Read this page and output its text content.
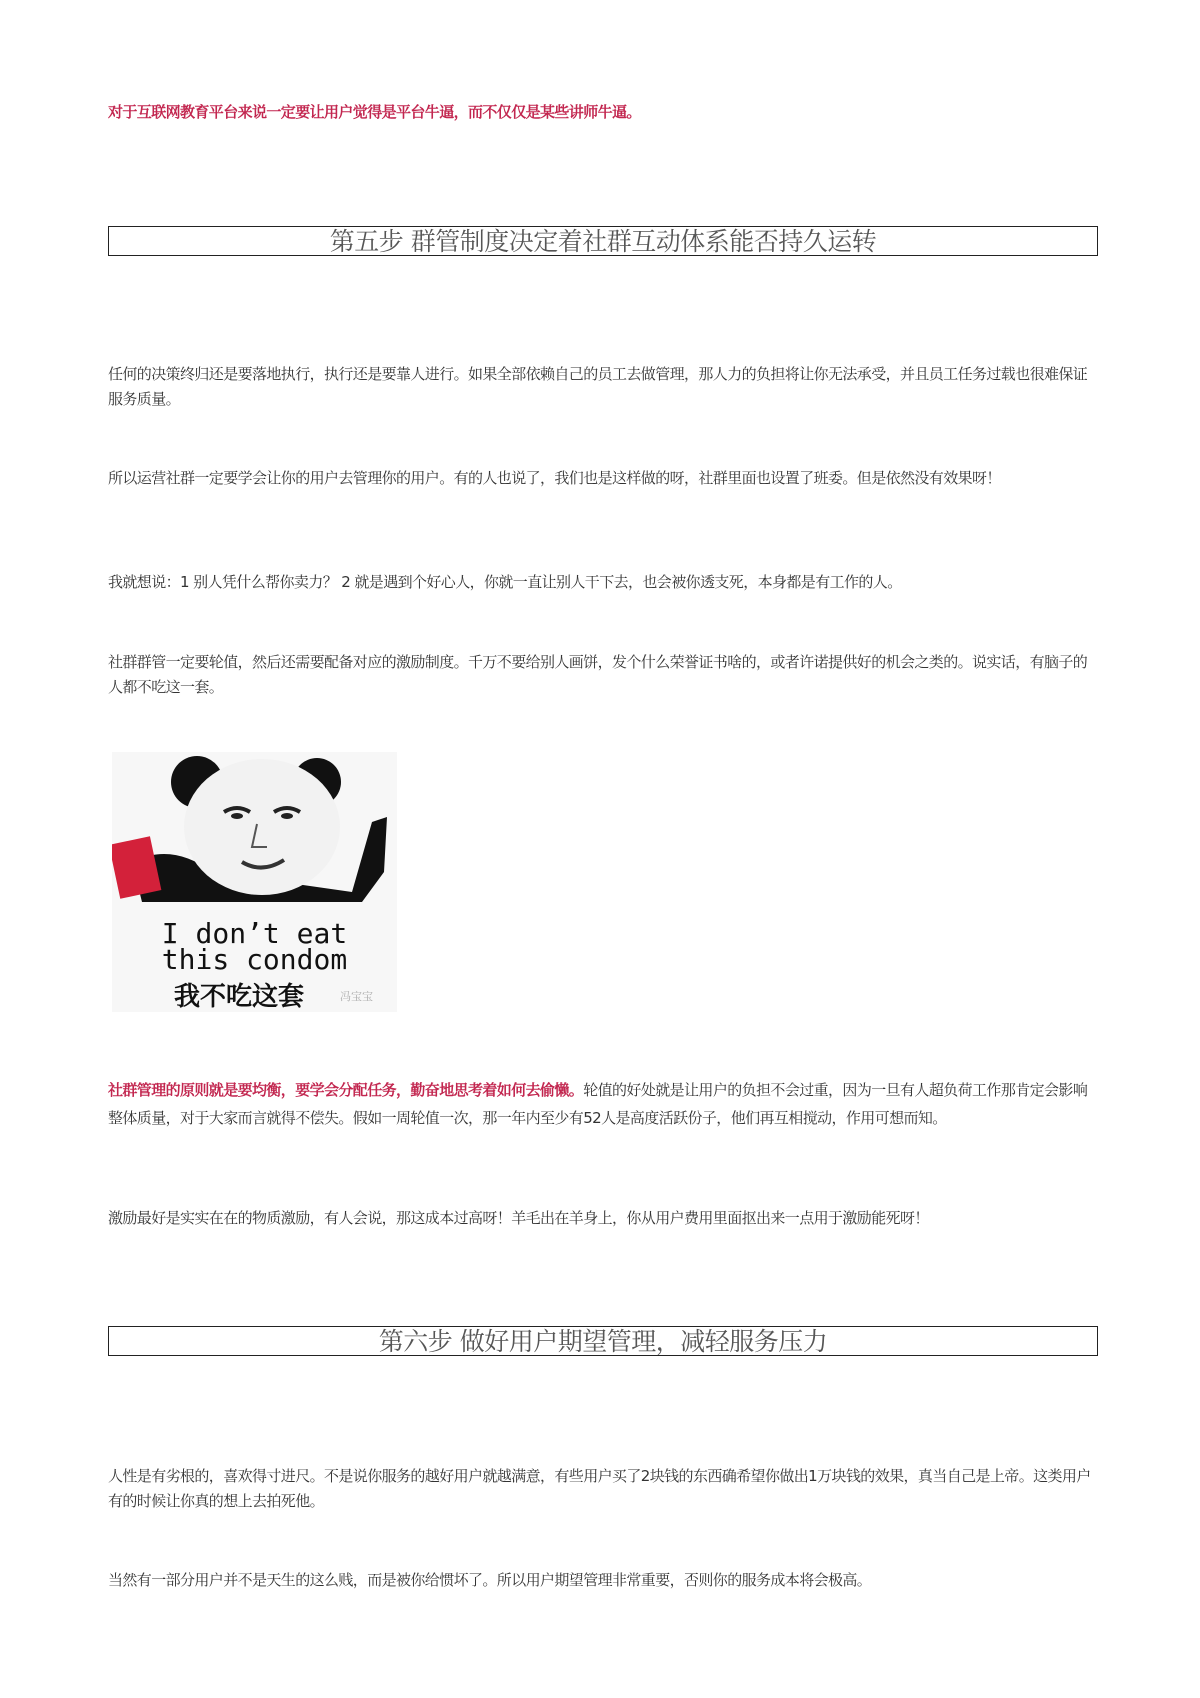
对于互联网教育平台来说一定要让用户觉得是平台牛逼，而不仅仅是某些讲师牛逼。
第五步 群管制度决定着社群互动体系能否持久运转
任何的决策终归还是要落地执行，执行还是要靠人进行。如果全部依赖自己的员工去做管理，那人力的负担将让你无法承受，并且员工任务过载也很难保证服务质量。
所以运营社群一定要学会让你的用户去管理你的用户。有的人也说了，我们也是这样做的呀，社群里面也设置了班委。但是依然没有效果呀！
我就想说：1 别人凭什么帮你卖力？ 2 就是遇到个好心人，你就一直让别人干下去，也会被你透支死，本身都是有工作的人。
社群群管一定要轮值，然后还需要配备对应的激励制度。千万不要给别人画饼，发个什么荣誉证书啥的，或者许诺提供好的机会之类的。说实话，有脑子的人都不吃这一套。
I don’t eat
this condom
我不吃这套	冯宝宝
社群管理的原则就是要均衡，要学会分配任务，勤奋地思考着如何去偷懒。轮值的好处就是让用户的负担不会过重，因为一旦有人超负荷工作那肯定会影响整体质量，对于大家而言就得不偿失。假如一周轮值一次，那一年内至少有52人是高度活跃份子，他们再互相搅动，作用可想而知。
激励最好是实实在在的物质激励，有人会说，那这成本过高呀！羊毛出在羊身上，你从用户费用里面抠出来一点用于激励能死呀！
第六步 做好用户期望管理，减轻服务压力
人性是有劣根的，喜欢得寸进尺。不是说你服务的越好用户就越满意，有些用户买了2块钱的东西确希望你做出1万块钱的效果，真当自己是上帝。这类用户有的时候让你真的想上去拍死他。
当然有一部分用户并不是天生的这么贱，而是被你给惯坏了。所以用户期望管理非常重要，否则你的服务成本将会极高。
